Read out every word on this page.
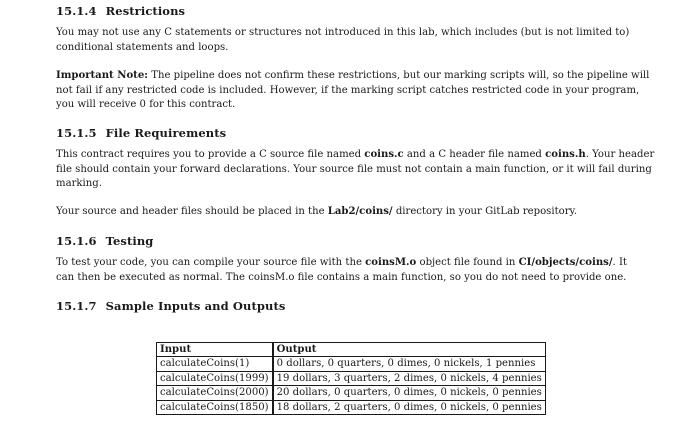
15.1.4 Restrictions

You may not use any C statements or structures not introduced in this lab, which includes (but is not limited to)
conditional statements and loops.

Important Note: The pipeline does not confirm these restrictions, but our marking scripts will, so the pipeline will
not fail if any restricted code is included. However, if the marking script catches restricted code in your program,
you will receive 0 for this contract.

15.1.5 File Requirements

This contract requires you to provide a C source file named coins.c and a C header file named coins.h. Your header
file should contain your forward declarations. Your source file must not contain a main function, or it will fail during
marking.

Your source and header files should be placed in the Lab2/coins/ directory in your GitLab repository.

15.1.6 Testing

To test your code, you can compile your source file with the coinsM.o object file found in CI/objects/coins/. It
can then be executed as normal. The coinsM.o file contains a main function, so you do not need to provide one.

15.1.7 Sample Inputs and Outputs
Input	Output
calculateCoins(1)	0 dollars, 0 quarters, 0 dimes, 0 nickels, 1 pennies
calculateCoins(1999)	19 dollars, 3 quarters, 2 dimes, 0 nickels, 4 pennies
calculateCoins(2000)	20 dollars, 0 quarters, 0 dimes, 0 nickels, 0 pennies
calculateCoins(1850)	18 dollars, 2 quarters, 0 dimes, 0 nickels, 0 pennies
